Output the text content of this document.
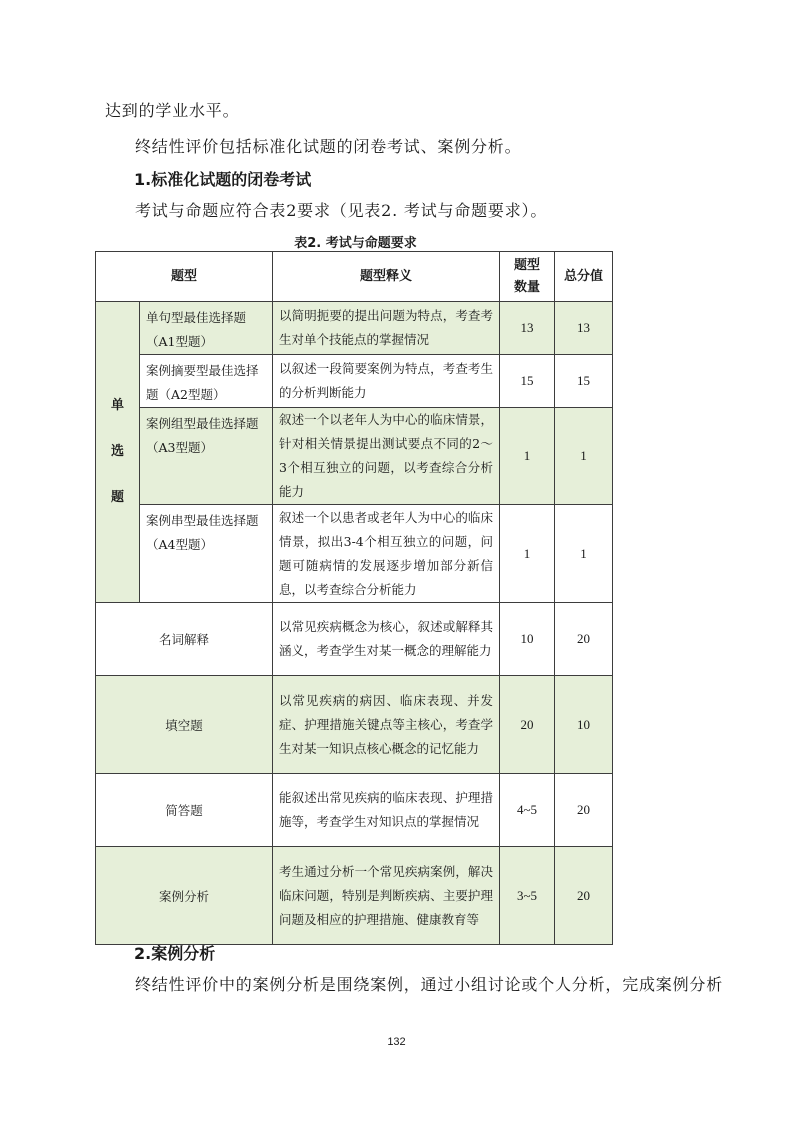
达到的学业水平。
终结性评价包括标准化试题的闭卷考试、案例分析。
1.标准化试题的闭卷考试
考试与命题应符合表2要求（见表2. 考试与命题要求）。
表2. 考试与命题要求
题型		题型释义	题型数量	总分值

单
选
题	单句型最佳选择题（A1型题）	以简明扼要的提出问题为特点，考查考生对单个技能点的掌握情况	13	13
	案例摘要型最佳选择题（A2型题）	以叙述一段简要案例为特点，考查考生的分析判断能力	15	15
	案例组型最佳选择题（A3型题）	叙述一个以老年人为中心的临床情景，针对相关情景提出测试要点不同的2～3个相互独立的问题，以考查综合分析能力	1	1
	案例串型最佳选择题（A4型题）	叙述一个以患者或老年人为中心的临床情景，拟出3-4个相互独立的问题，问题可随病情的发展逐步增加部分新信息，以考查综合分析能力	1	1
名词解释		以常见疾病概念为核心，叙述或解释其涵义，考查学生对某一概念的理解能力	10	20
填空题		以常见疾病的病因、临床表现、并发症、护理措施关键点等主核心，考查学生对某一知识点核心概念的记忆能力	20	10
简答题		能叙述出常见疾病的临床表现、护理措施等，考查学生对知识点的掌握情况	4~5	20
案例分析		考生通过分析一个常见疾病案例，解决临床问题，特别是判断疾病、主要护理问题及相应的护理措施、健康教育等	3~5	20
2.案例分析
终结性评价中的案例分析是围绕案例，通过小组讨论或个人分析，完成案例分析
132
